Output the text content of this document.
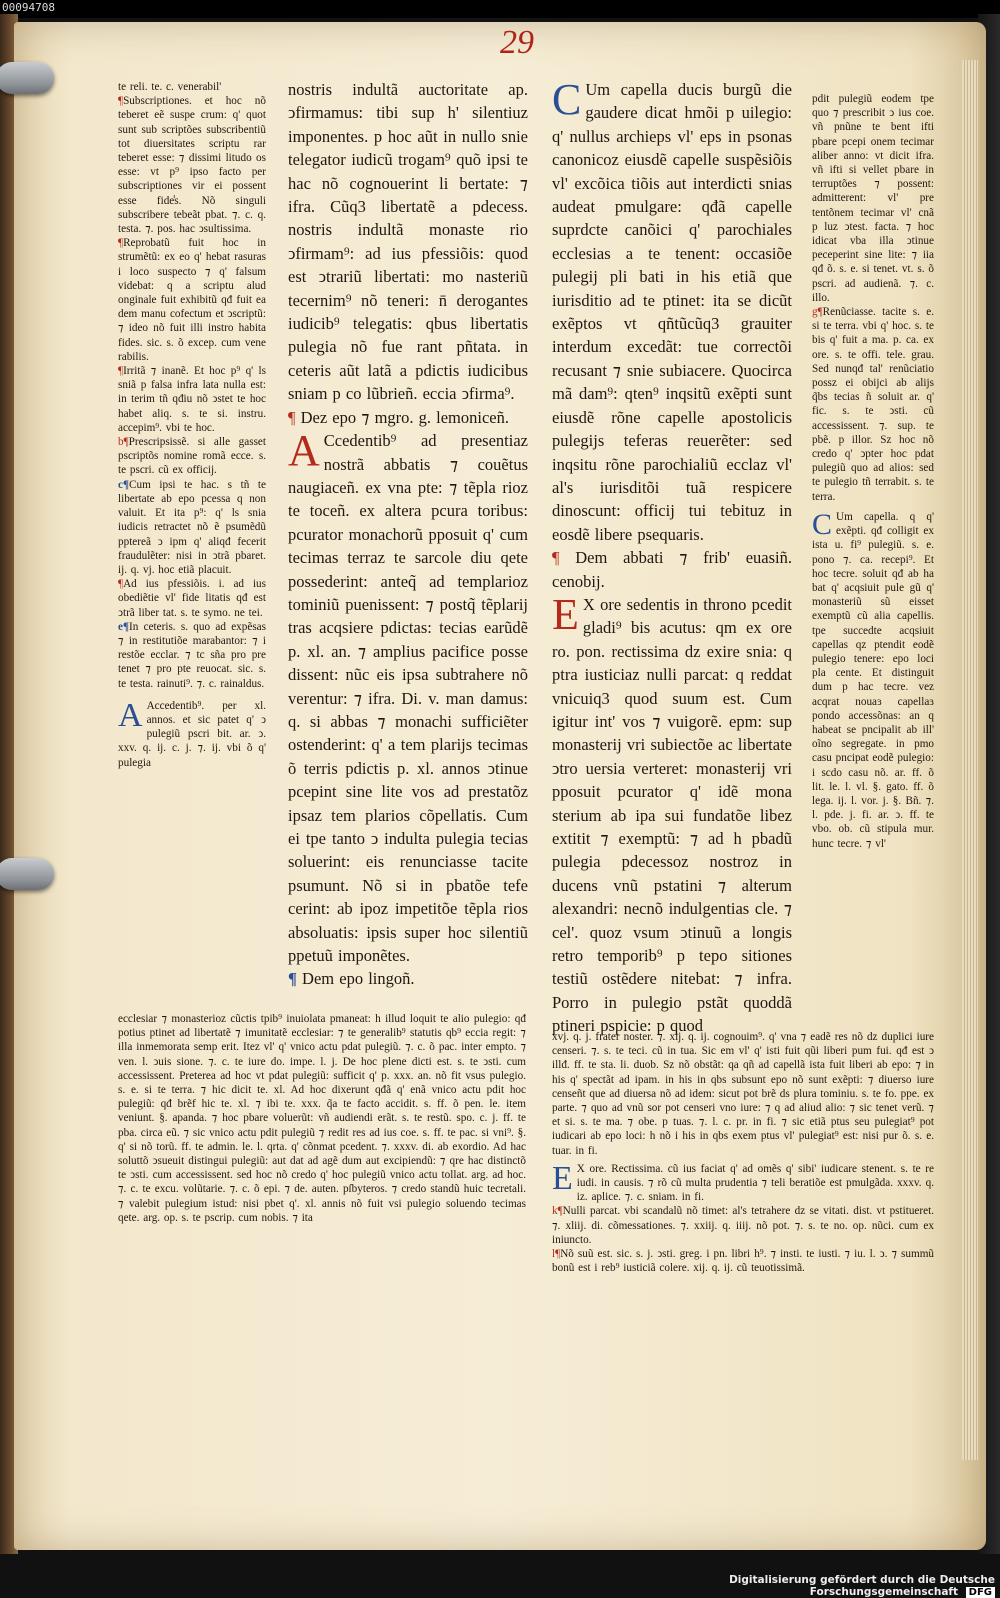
00094708
29

te reli. te. c. venerabil'

¶Subscriptiones. et hoc nõ teberet eẽ suspe crum: q' quot sunt sub scriptões subscribentiũ tot diuersitates scriptu rar teberet esse: ⁊ dissimi litudo os esse: vt p⁹ ipso facto per subscriptiones vir ei possent esse fide̾s. Nõ singuli subscribere tebeãt pbat. ⁊. c. q. testa. ⁊. pos. hac ↄsultissima.

¶Reprobatũ fuit hoc in strumẽtũ: ex eo q' hebat rasuras i loco suspecto ⁊ q' falsum videbat: q a scriptu alud onginale fuit exhibitũ qđ fuit ea dem manu cofectum et ↄscriptũ: ⁊ ideo nõ fuit illi instro habita fides. sic. s. õ excep. cum vene rabilis.

¶Irritã ⁊ inanẽ. Et hoc p⁹ q' ls sniã p falsa infra lata nulla est: in terim tñ qđiu nõ ↄstet te hoc habet aliq. s. te si. instru. accepim⁹. vbi te hoc.

b¶Prescripsissẽ. si alle gasset pscriptõs nomine romã ecce. s. te pscri. cũ ex officij.

c¶Cum ipsi te hac. s tñ te libertate ab epo pcessa q non valuit. Et ita p⁹: q' ls snia iudicis retractet nõ ẽ psumẽdũ pptereã ↄ ipm q' aliqđ fecerit fraudulẽter: nisi in ↄtrã pbaret. ij. q. vj. hoc etiã placuit.

¶Ad ius pfessiõis. i. ad ius obediẽtie vl' fide litatis qđ est ↄtrã liber tat. s. te symo. ne tei.

e¶In ceteris. s. quo ad expẽsas ⁊ in restitutiõe marabantor: ⁊ i restõe ecclar. ⁊ tc sña pro pre tenet ⁊ pro pte reuocat. sic. s. te testa. rainuti⁹. ⁊. c. rainaldus.

A Accedentib⁹. per xl. annos. et sic patet q' ↄ pulegiũ pscri bit. ar. ↄ. xxv. q. ij. c. j. ⁊. ij. vbi õ q' pulegia

nostris indultã auctoritate ap. ↄfirmamus: tibi sup h' silentiuz imponentes. p hoc aũt in nullo snie telegator iudicũ trogam⁹ quõ ipsi te hac nõ cognouerint li bertate: ⁊ ifra. Cũq3 libertatẽ a pdecess. nostris indultã monaste rio ↄfirmam⁹: ad ius pfessiõis: quod est ↄtrariũ libertati: mo nasteriũ tecernim⁹ nõ teneri: n̄ derogantes iudicib⁹ telegatis: qbus libertatis pulegia nõ fue rant pñtata. in ceteris aũt latã a pdictis iudicibus sniam p co lũbrieñ. eccia ↄfirma⁹.

¶ Dez epo ⁊ mgro. g. lemoniceñ.

A Ccedentib⁹ ad presentiaz nostrã abbatis ⁊ couẽtus naugiaceñ. ex vna pte: ⁊ tẽpla rioz te toceñ. ex altera pcura toribus: pcurator monachorũ pposuit q' cum tecimas terraz te sarcole diu qete possederint: anteq̃ ad templarioz tominiũ puenissent: ⁊ postq̃ tẽplarij tras acqsiere pdictas: tecias earũdẽ p. xl. an. ⁊ amplius pacifice posse dissent: nũc eis ipsa subtrahere nõ verentur: ⁊ ifra. Di. v. man damus: q. si abbas ⁊ monachi sufficiẽter ostenderint: q' a tem plarijs tecimas õ terris pdictis p. xl. annos ↄtinue pcepint sine lite vos ad prestatõz ipsaz tem plarios cõpellatis. Cum ei tpe tanto ↄ indulta pulegia tecias soluerint: eis renunciasse tacite psumunt. Nõ si in pbatõe tefe cerint: ab ipoz impetitõe tẽpla rios absoluatis: ipsis super hoc silentiũ ppetuũ imponẽtes.

¶ Dem epo lingoñ.

C Um capella ducis burgũ die gaudere dicat hmõi p uilegio: q' nullus archieps vl' eps in psonas canonicoz eiusdẽ capelle suspẽsiõis vl' excõica tiõis aut interdicti snias audeat pmulgare: qđã capelle suprdcte canõici q' parochiales ecclesias a te tenent: occasiõe pulegij pli bati in his etiã que iurisditio ad te ptinet: ita se dicũt exẽptos vt qñtũcũq3 grauiter interdum excedãt: tue correctõi recusant ⁊ snie subiacere. Quocirca mã dam⁹: qten⁹ inqsitũ exẽpti sunt eiusdẽ rõne capelle apostolicis pulegijs teferas reuerẽter: sed inqsitu rõne parochialiũ ecclaz vl' al's iurisditõi tuã respicere dinoscunt: officij tui tebituz in eosdẽ libere psequaris.

¶ Dem abbati ⁊ frib' euasiñ. cenobij.

E X ore sedentis in throno pcedit gladi⁹ bis acutus: qm ex ore ro. pon. rectissima dz exire snia: q ptra iusticiaz nulli parcat: q reddat vnicuiq3 quod suum est. Cum igitur int' vos ⁊ vuigorẽ. epm: sup monasterij vri subiectõe ac libertate ↄtro uersia verteret: monasterij vri pposuit pcurator q' idẽ mona sterium ab ipa sui fundatõe libez extitit ⁊ exemptũ: ⁊ ad h pbadũ pulegia pdecessoz nostroz in ducens vnũ pstatini ⁊ alterum alexandri: necnõ indulgentias cle. ⁊ cel'. quoz vsum ↄtinuũ a longis retro temporib⁹ p tepo sitiones testiũ ostẽdere nitebat: ⁊ infra. Porro in pulegio pstãt quoddã ptineri pspicie: p quod

pdit pulegiũ eodem tpe quo ⁊ prescribit ↄ ius coe. vñ pnũne te bent ifti pbare pcepi onem tecimar aliber anno: vt dicit ifra. vñ ifti si vellet pbare in terruptões ⁊ possent: admitterent: vl' pre tentõnem tecimar vl' cnã p luz ↄtest. facta. ⁊ hoc idicat vba illa ↄtinue peceperint sine lite: ⁊ iia qđ õ. s. e. si tenet. vt. s. õ pscri. ad audienã. ⁊. c. illo.

g¶Renũciasse. tacite s. e. si te terra. vbi q' hoc. s. te bis q' fuit a ma. p. ca. ex ore. s. te offi. tele. grau. Sed nunqđ tal' renũciatio possz ei obijci ab alijs q̃bs tecias ñ soluit ar. q' fic. s. te ↄsti. cũ accessissent. ⁊. sup. te pbẽ. p illor. Sz hoc nõ credo q' ↄpter hoc pdat pulegiũ quo ad alios: sed te pulegio tñ terrabit. s. te terra.

C Um capella. q q' exẽpti. qđ colligit ex ista u. fi⁹ pulegiũ. s. e. pono ⁊. ca. recepi⁹. Et hoc tecre. soluit qđ ab ha bat q' acqsiuit pule gũ q' monasteriũ sũ eisset exemptũ cũ alia capellis. tpe succedte acqsiuit capellas qz ptendit eodẽ pulegio tenere: epo loci pla cente. Et distinguit dum p hac tecre. vez acqrat nouaɜ capellaɜ pondo accessõnas: an q habeat se pncipalit ab ill' oĩno segregate. in pmo casu pncipat eodẽ pulegio: i scdo casu nõ. ar. ff. õ lit. le. l. vl. §. gato. ff. õ lega. ij. l. vor. j. §. Bñ. ⁊. l. pde. j. fi. ar. ↄ. ff. te vbo. ob. cũ stipula mur. hunc tecre. ⁊ vl'

ecclesiar ⁊ monasterioz cũctis tpib⁹ inuiolata pmaneat: h illud loquit te alio pulegio: qđ potius ptinet ad libertatẽ ⁊ imunitatẽ ecclesiar: ⁊ te generalib⁹ statutis qb⁹ eccia regit: ⁊ illa inmemorata semp erit. Itez vl' q' vnico actu pdat pulegiũ. ⁊. c. õ pac. inter empto. ⁊ ven. l. ↄuis sione. ⁊. c. te iure do. impe. l. j. De hoc plene dicti est. s. te ↄsti. cum accessissent. Preterea ad hoc vt pdat pulegiũ: sufficit q' p. xxx. an. nõ fit vsus pulegio. s. e. si te terra. ⁊ hic dicit te. xl. Ad hoc dixerunt qđã q' enã vnico actu pdit hoc pulegiũ: qđ brẽf hic te. xl. ⁊ ibi te. xxx. q̃a te facto accidit. s. ff. õ pen. le. item veniunt. §. apanda. ⁊ hoc pbare voluerũt: vñ audiendi erãt. s. te restũ. spo. c. j. ff. te pba. circa eũ. ⁊ sic vnico actu pdit pulegiũ ⁊ redit res ad ius coe. s. ff. te pac. si vni⁹. §. q' si nõ torũ. ff. te admin. le. l. qrta. q' cõnmat pcedent. ⁊. xxxv. di. ab exordio. Ad hac soluttõ ↄsueuit distingui pulegiũ: aut dat ad agẽ dum aut excipiendũ: ⁊ qre hac distinctõ te ↄsti. cum accessissent. sed hoc nõ credo q' hoc pulegiũ vnico actu tollat. arg. ad hoc. ⁊. c. te excu. volũtarie. ⁊. c. õ epi. ⁊ de. auten. pſbyteros. ⁊ credo standũ huic tecretali. ⁊ valebit pulegium istud: nisi pbet q'. xl. annis nõ fuit vsi pulegio soluendo tecimas qete. arg. op. s. te pscrip. cum nobis. ⁊ ita

xvj. q. j. frater noster. ⁊. xij. q. ij. cognouim⁹. q' vna ⁊ eadẽ res nõ dz duplici iure censeri. ⁊. s. te teci. cũ in tua. Sic em vl' q' isti fuit qũi liberi pum fui. qđ est ↄ illđ. ff. te sta. li. duob. Sz nõ obstãt: qa qñ ad capellã ista fuit liberi ab epo: ⁊ in his q' spectãt ad ipam. in his in qbs subsunt epo nõ sunt exẽpti: ⁊ diuerso iure censeñt que ad diuersa nõ ad idem: sicut pot brẽ ds plura tominiu. s. te fo. ppe. ex parte. ⁊ quo ad vnũ sor pot censeri vno iure: ⁊ q ad aliud alio: ⁊ sic tenet verũ. ⁊ et si. s. te ma. ⁊ obe. p tuas. ⁊. l. c. pr. in fi. ⁊ sic etiã ptus seu pulegiat⁹ pot iudicari ab epo loci: h nõ i his in qbs exem ptus vl' pulegiat⁹ est: nisi pur õ. s. e. tuar. in fi.

E X ore. Rectissima. cũ ius faciat q' ad omẽs q' sibi' iudicare stenent. s. te re iudi. in causis. ⁊ rõ cũ multa prudentia ⁊ teli beratiõe est pmulgãda. xxxv. q. iz. aplice. ⁊. c. sniam. in fi.

k¶Nulli parcat. vbi scandalũ nõ timet: al's tetrahere dz se vitati. dist. vt pstitueret. ⁊. xliij. di. cõmessationes. ⁊. xxiij. q. iiij. nõ pot. ⁊. s. te no. op. nũci. cum ex iniuncto.

l¶Nõ suũ est. sic. s. j. ↄsti. greg. i pn. libri h⁹. ⁊ insti. te iusti. ⁊ iu. l. ↄ. ⁊ summũ bonũ est i reb⁹ iusticiã colere. xij. q. ij. cũ teuotissimã.

Digitalisierung gefördert durch die Deutsche Forschungsgemeinschaft DFG
